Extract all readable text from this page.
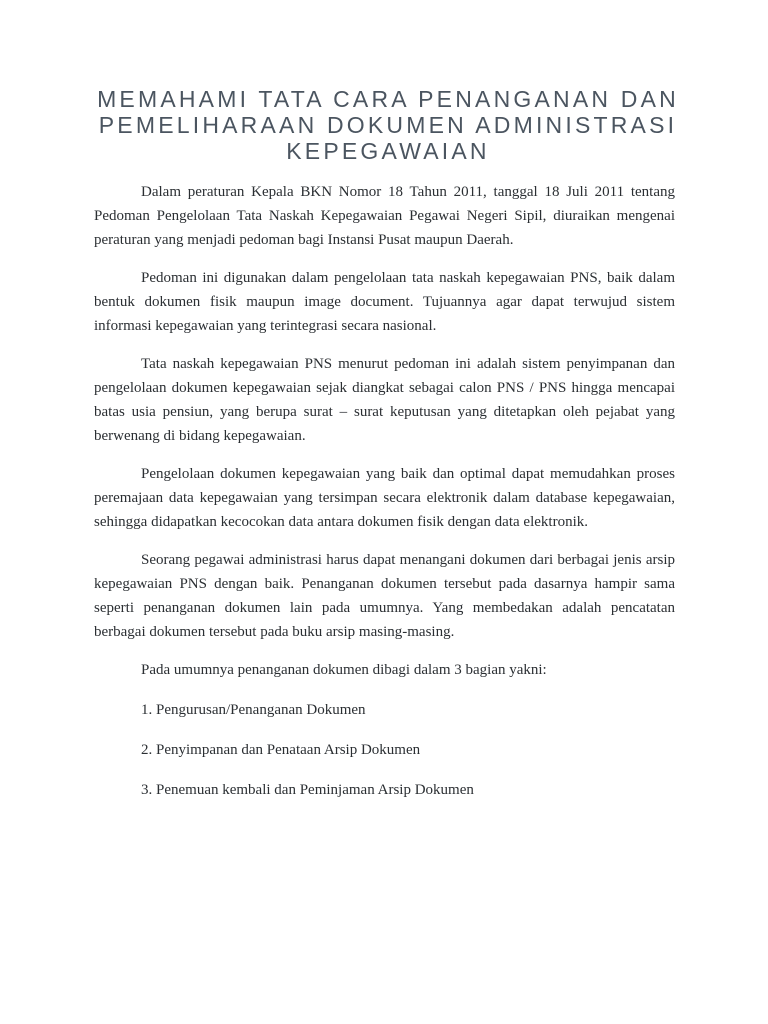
MEMAHAMI TATA CARA PENANGANAN DAN
PEMELIHARAAN DOKUMEN ADMINISTRASI
KEPEGAWAIAN

Dalam peraturan Kepala BKN Nomor 18 Tahun 2011, tanggal 18 Juli 2011 tentang Pedoman Pengelolaan Tata Naskah Kepegawaian Pegawai Negeri Sipil, diuraikan mengenai peraturan yang menjadi pedoman bagi Instansi Pusat maupun Daerah.

Pedoman ini digunakan dalam pengelolaan tata naskah kepegawaian PNS, baik dalam bentuk dokumen fisik maupun image document. Tujuannya agar dapat terwujud sistem informasi kepegawaian yang terintegrasi secara nasional.

Tata naskah kepegawaian PNS menurut pedoman ini adalah sistem penyimpanan dan pengelolaan dokumen kepegawaian sejak diangkat sebagai calon PNS / PNS hingga mencapai batas usia pensiun, yang berupa surat – surat keputusan yang ditetapkan oleh pejabat yang berwenang di bidang kepegawaian.

Pengelolaan dokumen kepegawaian yang baik dan optimal dapat memudahkan proses peremajaan data kepegawaian yang tersimpan secara elektronik dalam database kepegawaian, sehingga didapatkan kecocokan data antara dokumen fisik dengan data elektronik.

Seorang pegawai administrasi harus dapat menangani dokumen dari berbagai jenis arsip kepegawaian PNS dengan baik. Penanganan dokumen tersebut pada dasarnya hampir sama seperti penanganan dokumen lain pada umumnya. Yang membedakan adalah pencatatan berbagai dokumen tersebut pada buku arsip masing-masing.

Pada umumnya penanganan dokumen dibagi dalam 3 bagian yakni:

1. Pengurusan/Penanganan Dokumen
2. Penyimpanan dan Penataan Arsip Dokumen
3. Penemuan kembali dan Peminjaman Arsip Dokumen
